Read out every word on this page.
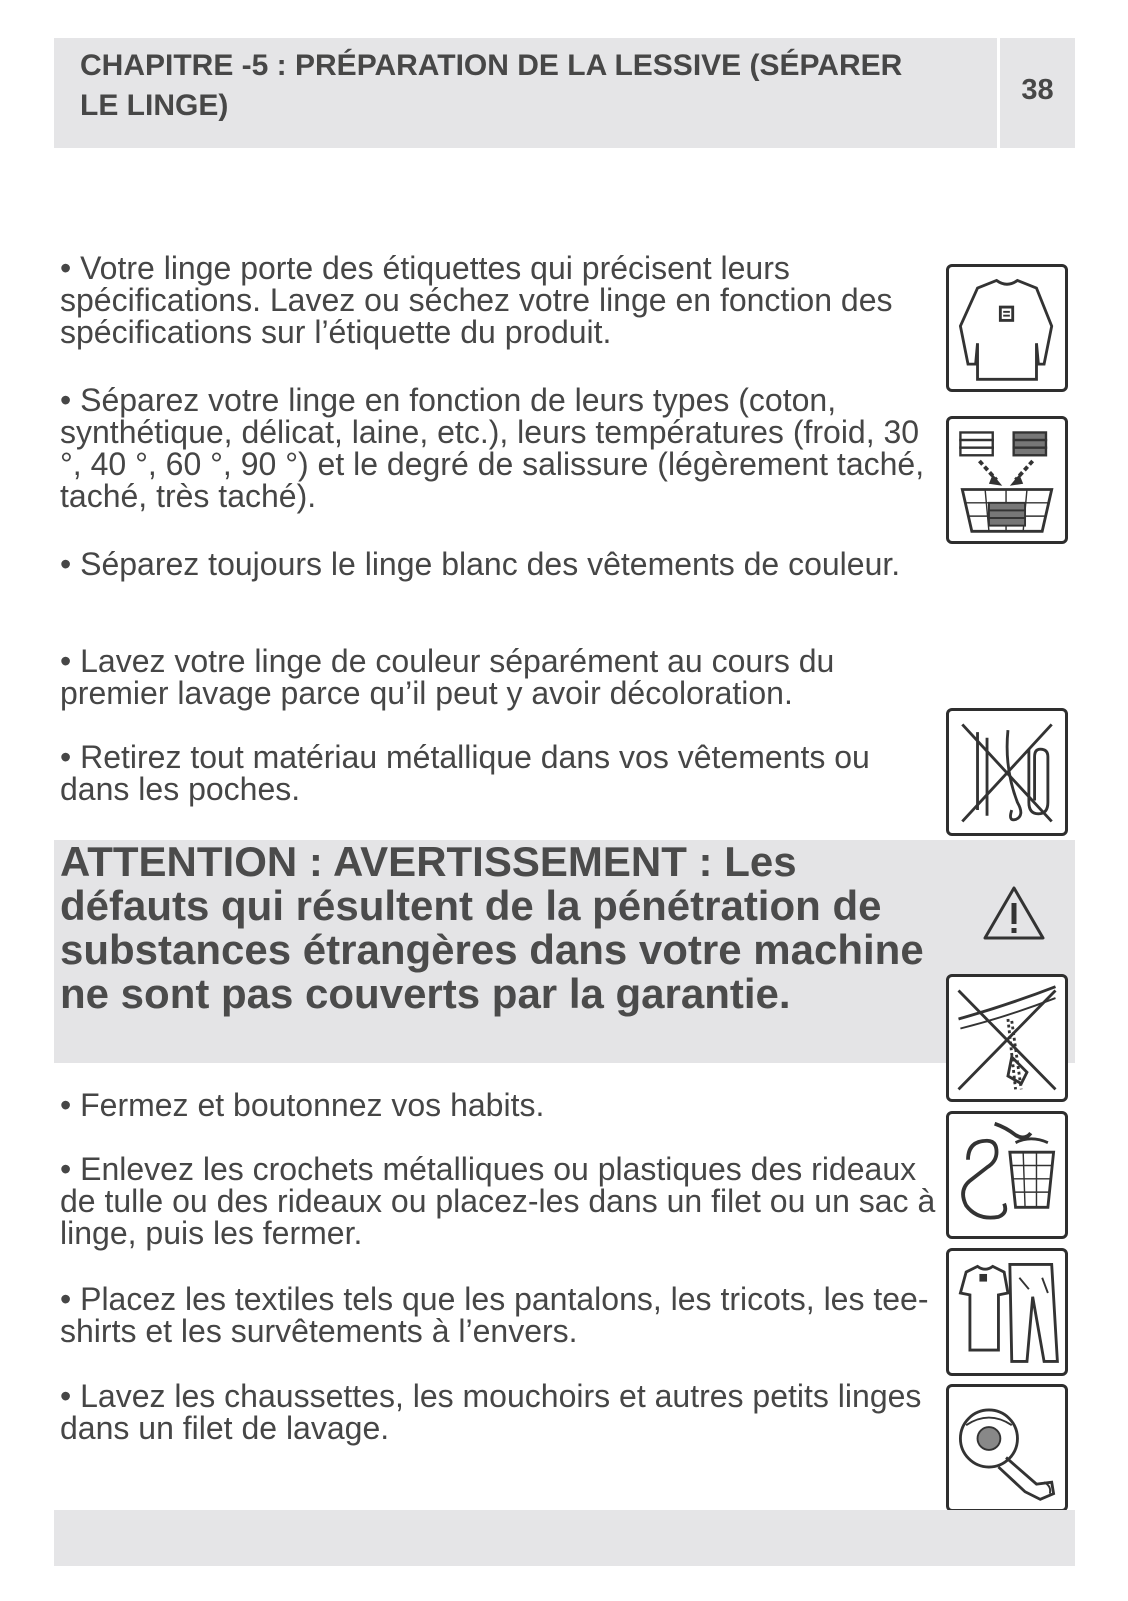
CHAPITRE -5 : PRÉPARATION DE LA LESSIVE (SÉPARER LE LINGE)	38
• Votre linge porte des étiquettes qui précisent leurs spécifications. Lavez ou séchez votre linge en fonction des spécifications sur l’étiquette du produit.
• Séparez votre linge en fonction de leurs types (coton, synthétique, délicat, laine, etc.), leurs températures (froid, 30 °, 40 °, 60 °, 90 °) et le degré de salissure (légèrement taché, taché, très taché).
• Séparez toujours le linge blanc des vêtements de couleur.
• Lavez votre linge de couleur séparément au cours du premier lavage parce qu’il peut y avoir décoloration.
• Retirez tout matériau métallique dans vos vêtements ou dans les poches.
ATTENTION : AVERTISSEMENT : Les défauts qui résultent de la pénétration de substances étrangères dans votre machine ne sont pas couverts par la garantie.
• Fermez et boutonnez vos habits.
• Enlevez les crochets métalliques ou plastiques des rideaux de tulle ou des rideaux ou placez-les dans un filet ou un sac à linge, puis les fermer.
• Placez les textiles tels que les pantalons, les tricots, les tee-shirts et les survêtements à l’envers.
• Lavez les chaussettes, les mouchoirs et autres petits linges dans un filet de lavage.
